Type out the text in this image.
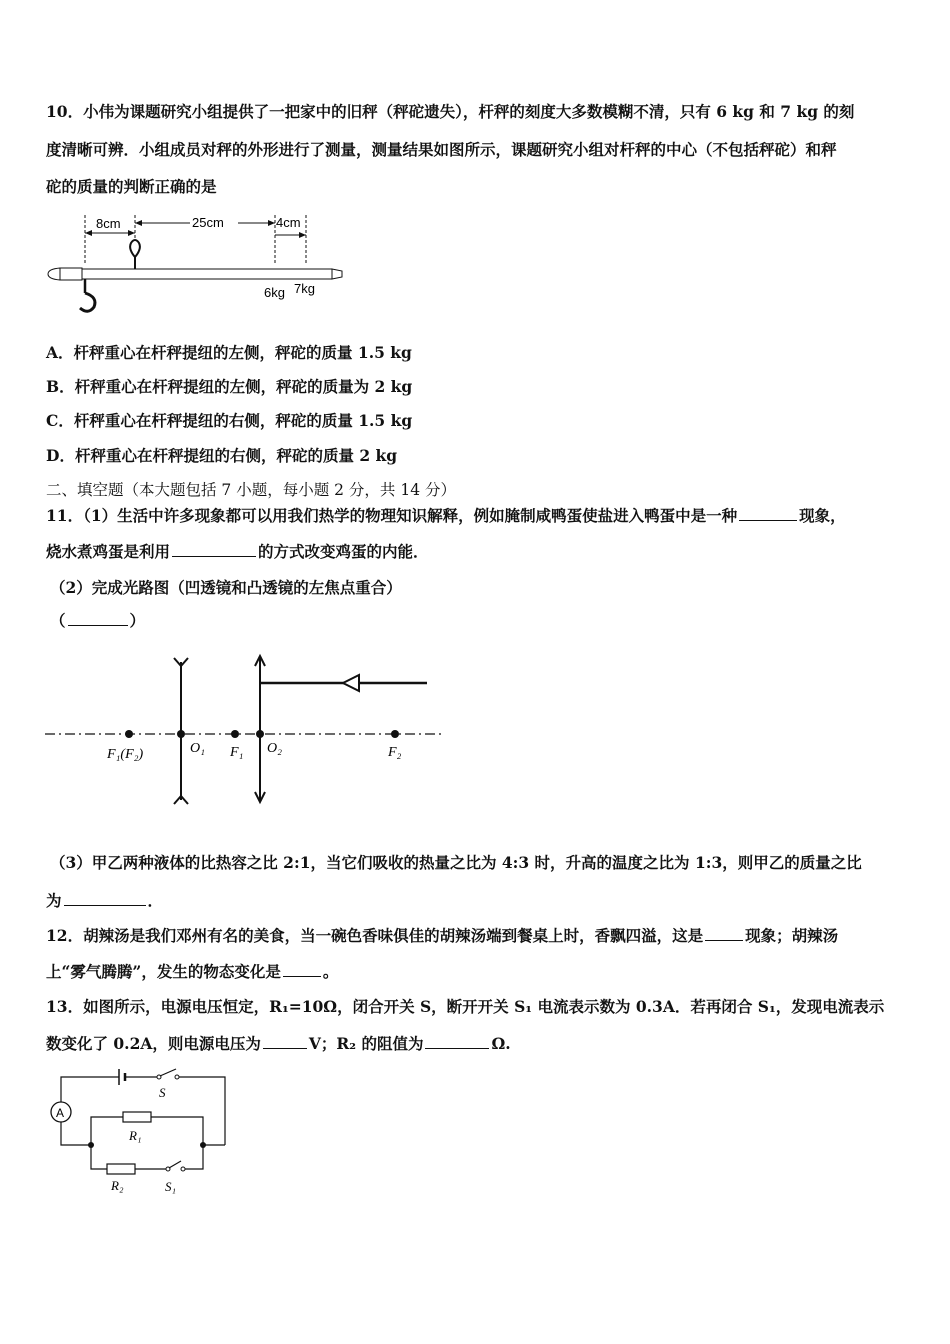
10．小伟为课题研究小组提供了一把家中的旧秤（秤砣遗失），杆秤的刻度大多数模糊不清，只有 6 kg 和 7 kg 的刻
度清晰可辨．小组成员对秤的外形进行了测量，测量结果如图所示，课题研究小组对杆秤的中心（不包括秤砣）和秤
砣的质量的判断正确的是
8cm	25cm	4cm
6kg 7kg
A．杆秤重心在杆秤提纽的左侧，秤砣的质量 1.5 kg
B．杆秤重心在杆秤提纽的左侧，秤砣的质量为 2 kg
C．杆秤重心在杆秤提纽的右侧，秤砣的质量 1.5 kg
D．杆秤重心在杆秤提纽的右侧，秤砣的质量 2 kg
二、填空题（本大题包括 7 小题，每小题 2 分，共 14 分）
11．（1）生活中许多现象都可以用我们热学的物理知识解释，例如腌制咸鸭蛋使盐进入鸭蛋中是一种	现象，
烧水煮鸡蛋是利用	的方式改变鸡蛋的内能．
（2）完成光路图（凹透镜和凸透镜的左焦点重合）
（	）
F₁(F₂)	O₁ F₁ O₂	F₂
（3）甲乙两种液体的比热容之比 2:1，当它们吸收的热量之比为 4:3 时，升高的温度之比为 1:3，则甲乙的质量之比
为	．
12．胡辣汤是我们邓州有名的美食，当一碗色香味俱佳的胡辣汤端到餐桌上时，香飘四溢，这是	现象；胡辣汤
上“雾气腾腾”，发生的物态变化是	。
13．如图所示，电源电压恒定，R₁=10Ω，闭合开关 S，断开开关 S₁ 电流表示数为 0.3A．若再闭合 S₁，发现电流表示
数变化了 0.2A，则电源电压为	V；R₂ 的阻值为	Ω.
A
S
R₁
R₂	S₁
